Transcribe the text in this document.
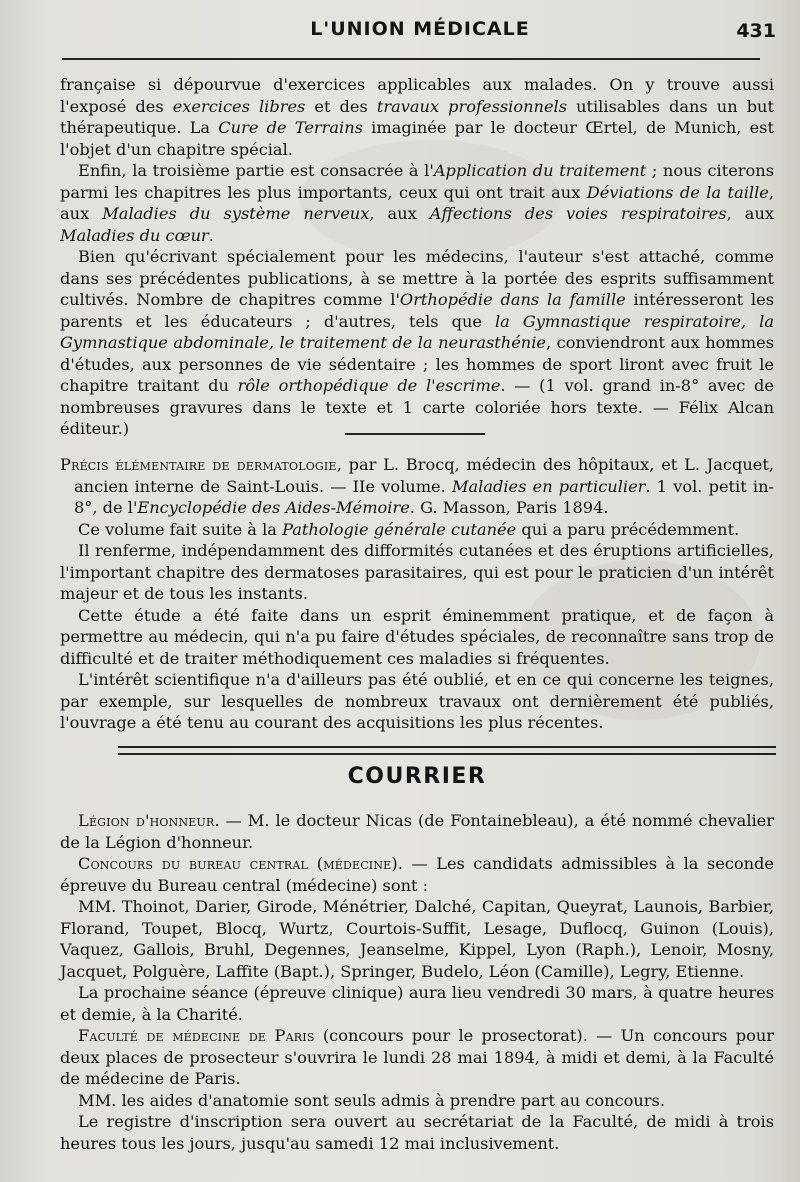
L'UNION MÉDICALE	431

française si dépourvue d'exercices applicables aux malades. On y trouve aussi l'exposé des exercices libres et des travaux professionnels utilisables dans un but thérapeutique. La Cure de Terrains imaginée par le docteur Œrtel, de Munich, est l'objet d'un chapitre spécial.

Enfin, la troisième partie est consacrée à l'Application du traitement ; nous citerons parmi les chapitres les plus importants, ceux qui ont trait aux Déviations de la taille, aux Maladies du système nerveux, aux Affections des voies respiratoires, aux Maladies du cœur.

Bien qu'écrivant spécialement pour les médecins, l'auteur s'est attaché, comme dans ses précédentes publications, à se mettre à la portée des esprits suffisamment cultivés. Nombre de chapitres comme l'Orthopédie dans la famille intéresseront les parents et les éducateurs ; d'autres, tels que la Gymnastique respiratoire, la Gymnastique abdominale, le traitement de la neurasthénie, conviendront aux hommes d'études, aux personnes de vie sédentaire ; les hommes de sport liront avec fruit le chapitre traitant du rôle orthopédique de l'escrime. — (1 vol. grand in-8° avec de nombreuses gravures dans le texte et 1 carte coloriée hors texte. — Félix Alcan éditeur.)

Précis élémentaire de dermatologie, par L. Brocq, médecin des hôpitaux, et L. Jacquet, ancien interne de Saint-Louis. — IIe volume. Maladies en particulier. 1 vol. petit in-8°, de l'Encyclopédie des Aides-Mémoire. G. Masson, Paris 1894.

Ce volume fait suite à la Pathologie générale cutanée qui a paru précédemment.

Il renferme, indépendamment des difformités cutanées et des éruptions artificielles, l'important chapitre des dermatoses parasitaires, qui est pour le praticien d'un intérêt majeur et de tous les instants.

Cette étude a été faite dans un esprit éminemment pratique, et de façon à permettre au médecin, qui n'a pu faire d'études spéciales, de reconnaître sans trop de difficulté et de traiter méthodiquement ces maladies si fréquentes.

L'intérêt scientifique n'a d'ailleurs pas été oublié, et en ce qui concerne les teignes, par exemple, sur lesquelles de nombreux travaux ont dernièrement été publiés, l'ouvrage a été tenu au courant des acquisitions les plus récentes.

COURRIER

Légion d'honneur. — M. le docteur Nicas (de Fontainebleau), a été nommé chevalier de la Légion d'honneur.

Concours du bureau central (médecine). — Les candidats admissibles à la seconde épreuve du Bureau central (médecine) sont :

MM. Thoinot, Darier, Girode, Ménétrier, Dalché, Capitan, Queyrat, Launois, Barbier, Florand, Toupet, Blocq, Wurtz, Courtois-Suffit, Lesage, Duflocq, Guinon (Louis), Vaquez, Gallois, Bruhl, Degennes, Jeanselme, Kippel, Lyon (Raph.), Lenoir, Mosny, Jacquet, Polguère, Laffite (Bapt.), Springer, Budelo, Léon (Camille), Legry, Etienne.

La prochaine séance (épreuve clinique) aura lieu vendredi 30 mars, à quatre heures et demie, à la Charité.

Faculté de médecine de Paris (concours pour le prosectorat). — Un concours pour deux places de prosecteur s'ouvrira le lundi 28 mai 1894, à midi et demi, à la Faculté de médecine de Paris.

MM. les aides d'anatomie sont seuls admis à prendre part au concours.

Le registre d'inscription sera ouvert au secrétariat de la Faculté, de midi à trois heures tous les jours, jusqu'au samedi 12 mai inclusivement.
